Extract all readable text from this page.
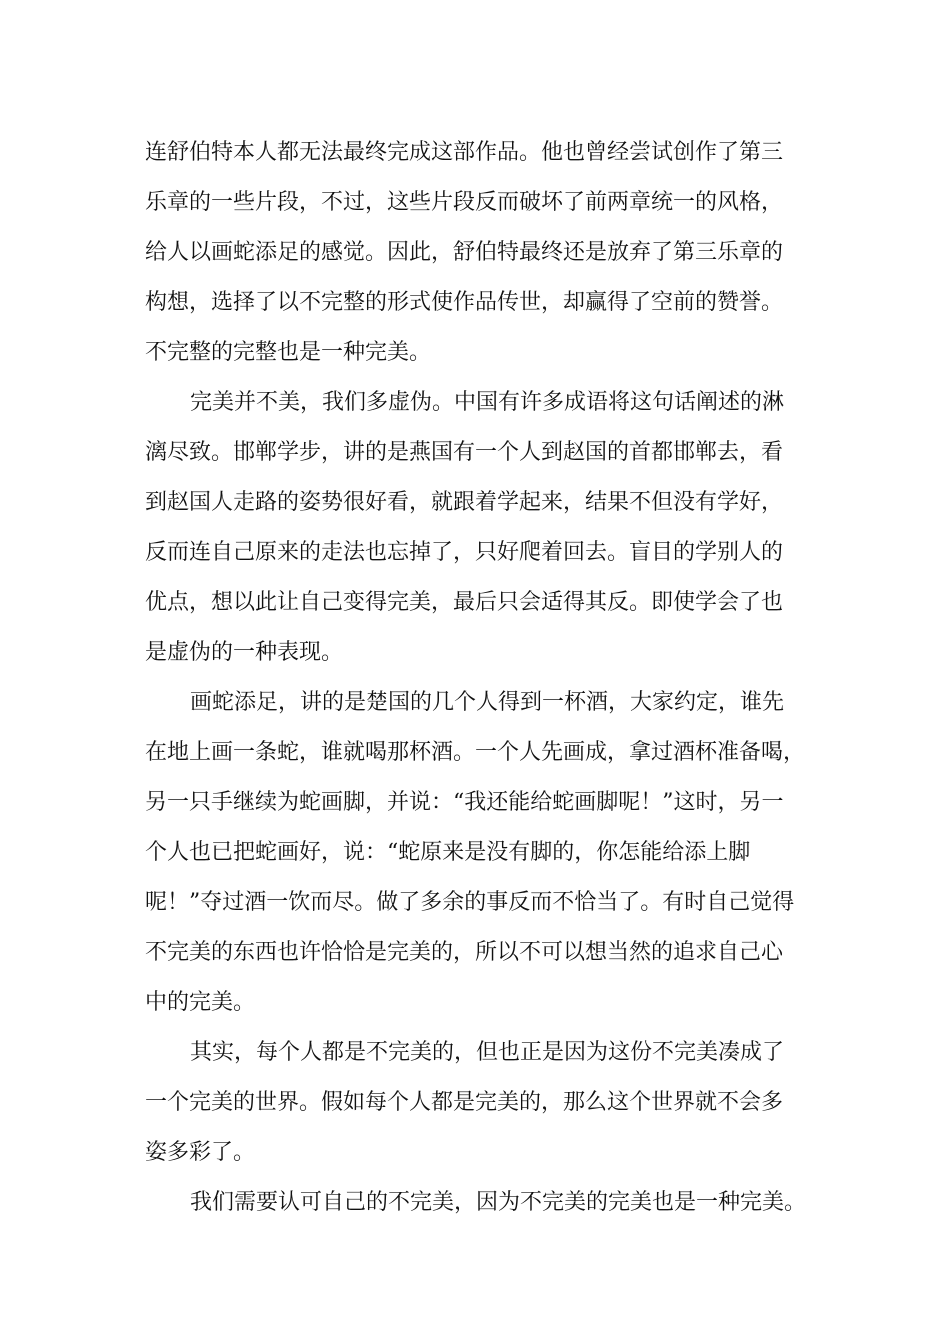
连舒伯特本人都无法最终完成这部作品。他也曾经尝试创作了第三
乐章的一些片段，不过，这些片段反而破坏了前两章统一的风格，
给人以画蛇添足的感觉。因此，舒伯特最终还是放弃了第三乐章的
构想，选择了以不完整的形式使作品传世，却赢得了空前的赞誉。
不完整的完整也是一种完美。
完美并不美，我们多虚伪。中国有许多成语将这句话阐述的淋
漓尽致。邯郸学步，讲的是燕国有一个人到赵国的首都邯郸去，看
到赵国人走路的姿势很好看，就跟着学起来，结果不但没有学好，
反而连自己原来的走法也忘掉了，只好爬着回去。盲目的学别人的
优点，想以此让自己变得完美，最后只会适得其反。即使学会了也
是虚伪的一种表现。
画蛇添足，讲的是楚国的几个人得到一杯酒，大家约定，谁先
在地上画一条蛇，谁就喝那杯酒。一个人先画成，拿过酒杯准备喝，
另一只手继续为蛇画脚，并说：“我还能给蛇画脚呢！”这时，另一
个人也已把蛇画好，说：“蛇原来是没有脚的，你怎能给添上脚
呢！”夺过酒一饮而尽。做了多余的事反而不恰当了。有时自己觉得
不完美的东西也许恰恰是完美的，所以不可以想当然的追求自己心
中的完美。
其实，每个人都是不完美的，但也正是因为这份不完美凑成了
一个完美的世界。假如每个人都是完美的，那么这个世界就不会多
姿多彩了。
我们需要认可自己的不完美，因为不完美的完美也是一种完美。
